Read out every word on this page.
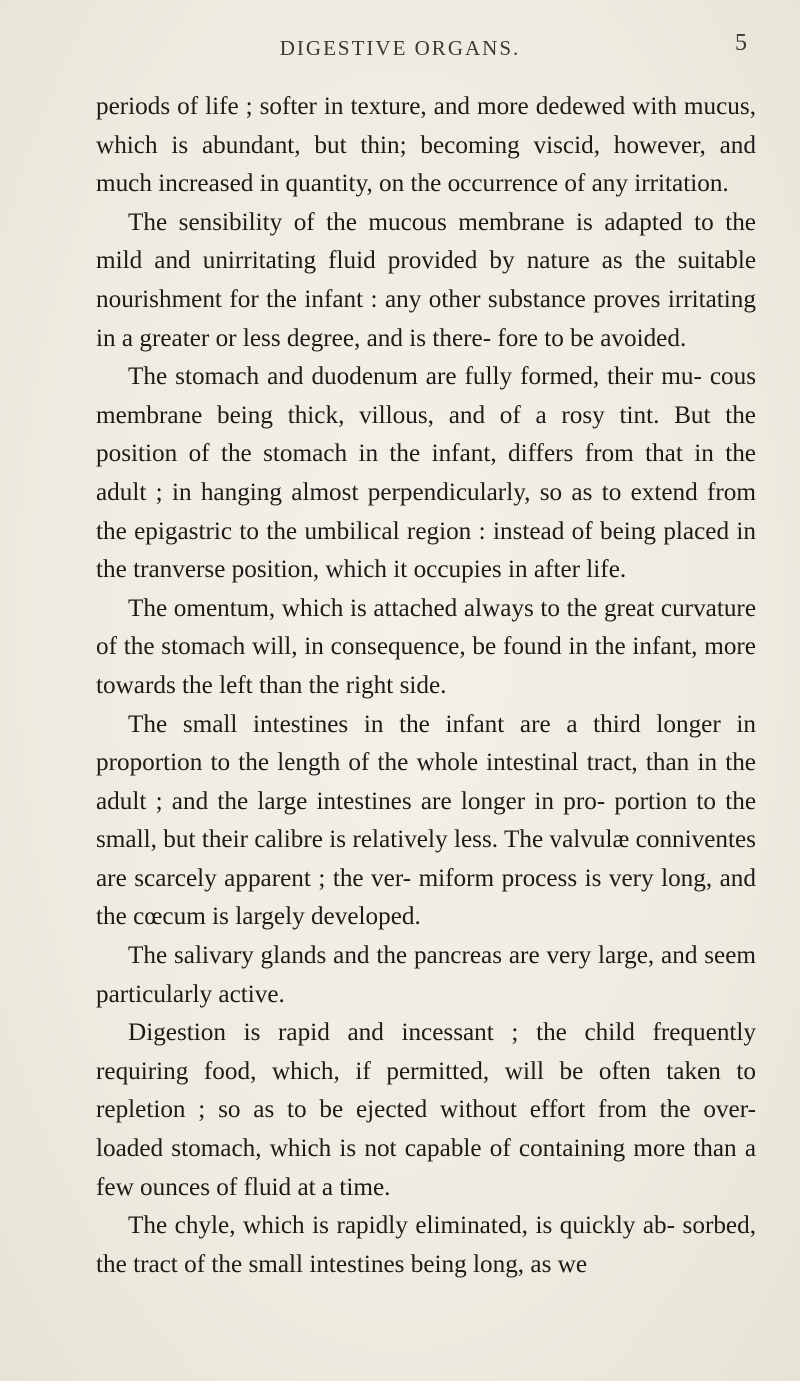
DIGESTIVE ORGANS.	5

periods of life ; softer in texture, and more dedewed with mucus, which is abundant, but thin; becoming viscid, however, and much increased in quantity, on the occurrence of any irritation.

The sensibility of the mucous membrane is adapted to the mild and unirritating fluid provided by nature as the suitable nourishment for the infant : any other substance proves irritating in a greater or less degree, and is there- fore to be avoided.

The stomach and duodenum are fully formed, their mu- cous membrane being thick, villous, and of a rosy tint. But the position of the stomach in the infant, differs from that in the adult ; in hanging almost perpendicularly, so as to extend from the epigastric to the umbilical region : instead of being placed in the tranverse position, which it occupies in after life.

The omentum, which is attached always to the great curvature of the stomach will, in consequence, be found in the infant, more towards the left than the right side.

The small intestines in the infant are a third longer in proportion to the length of the whole intestinal tract, than in the adult ; and the large intestines are longer in pro- portion to the small, but their calibre is relatively less. The valvulæ conniventes are scarcely apparent ; the ver- miform process is very long, and the cœcum is largely developed.

The salivary glands and the pancreas are very large, and seem particularly active.

Digestion is rapid and incessant ; the child frequently requiring food, which, if permitted, will be often taken to repletion ; so as to be ejected without effort from the over- loaded stomach, which is not capable of containing more than a few ounces of fluid at a time.

The chyle, which is rapidly eliminated, is quickly ab- sorbed, the tract of the small intestines being long, as we
